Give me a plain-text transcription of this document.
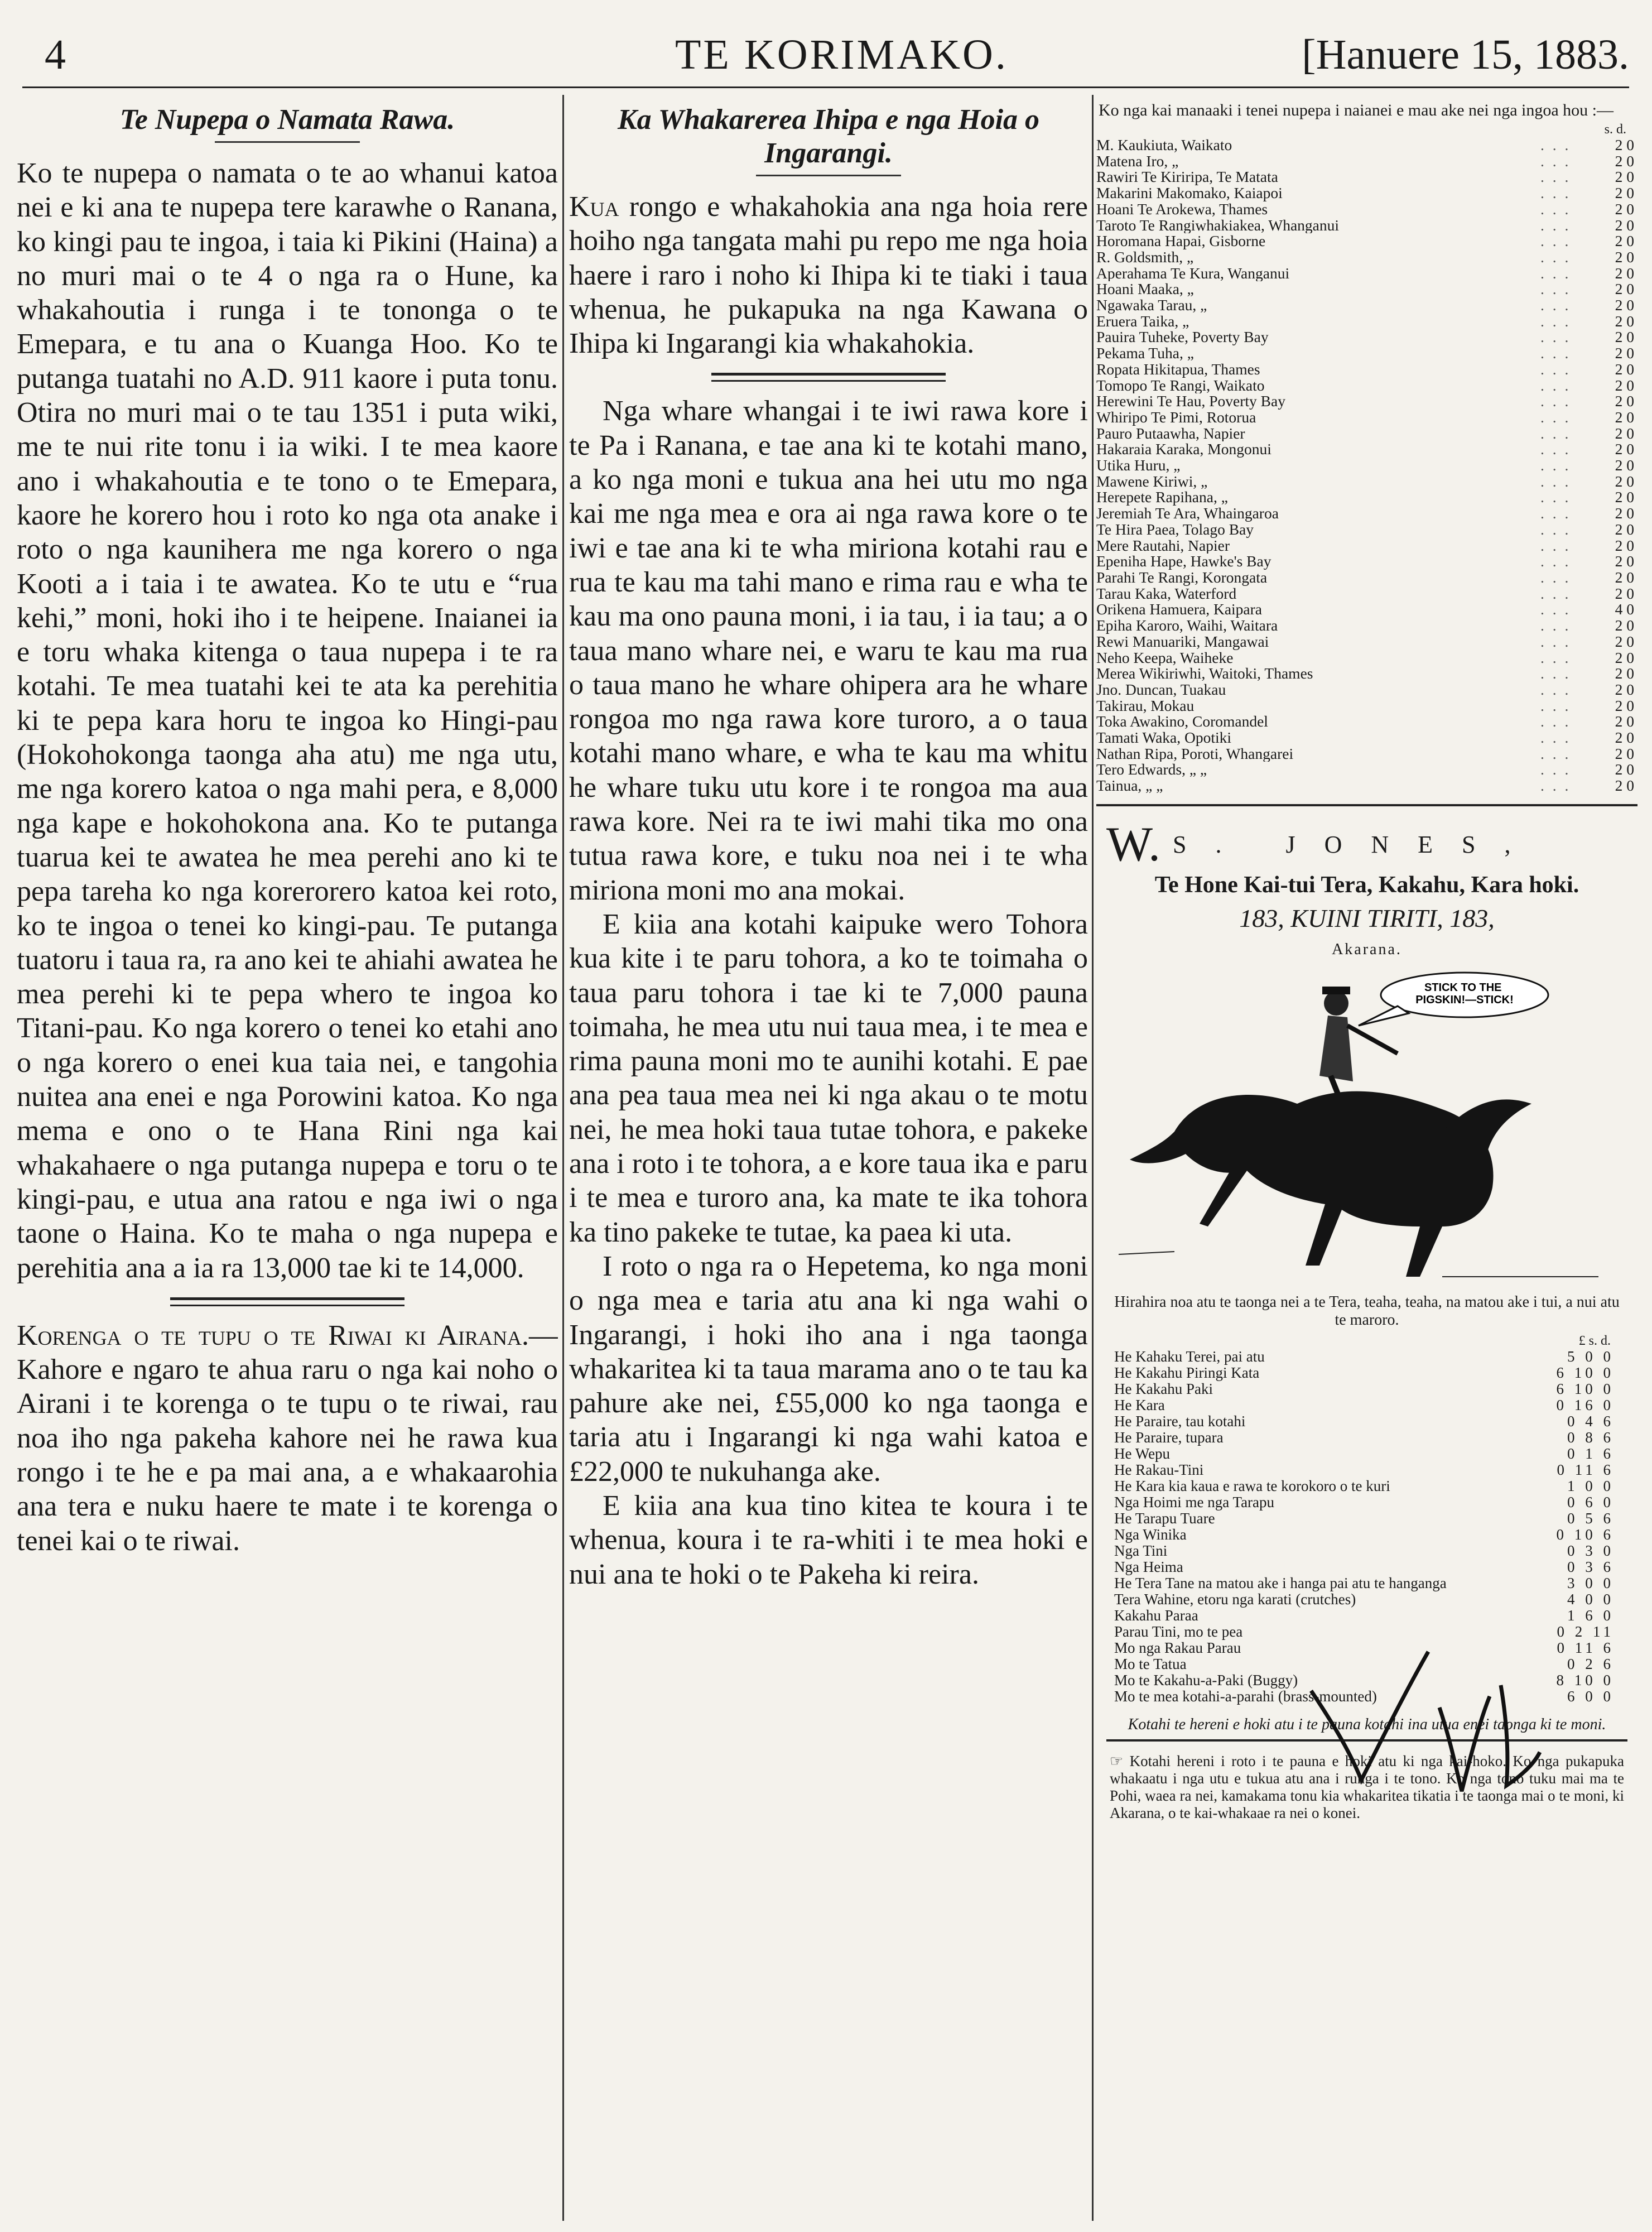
4	TE KORIMAKO.	[Hanuere 15, 1883.
Te Nupepa o Namata Rawa.

Ko te nupepa o namata o te ao whanui katoa nei e ki ana te nupepa tere karawhe o Ranana, ko kingi pau te ingoa, i taia ki Pikini (Haina) a no muri mai o te 4 o nga ra o Hune, ka whakahoutia i runga i te tononga o te Emepara, e tu ana o Kuanga Hoo. Ko te putanga tuatahi no A.D. 911 kaore i puta tonu. Otira no muri mai o te tau 1351 i puta wiki, me te nui rite tonu i ia wiki. I te mea kaore ano i whakahoutia e te tono o te Emepara, kaore he korero hou i roto ko nga ota anake i roto o nga kaunihera me nga korero o nga Kooti a i taia i te awatea. Ko te utu e “rua kehi,” moni, hoki iho i te heipene. Inaianei ia e toru whaka kitenga o taua nupepa i te ra kotahi. Te mea tuatahi kei te ata ka perehitia ki te pepa kara horu te ingoa ko Hingi-pau (Hokohokonga taonga aha atu) me nga utu, me nga korero katoa o nga mahi pera, e 8,000 nga kape e hokohokona ana. Ko te putanga tuarua kei te awatea he mea perehi ano ki te pepa tareha ko nga korerorero katoa kei roto, ko te ingoa o tenei ko kingi-pau. Te putanga tuatoru i taua ra, ra ano kei te ahiahi awatea he mea perehi ki te pepa whero te ingoa ko Titani-pau. Ko nga korero o tenei ko etahi ano o nga korero o enei kua taia nei, e tangohia nuitea ana enei e nga Porowini katoa. Ko nga mema e ono o te Hana Rini nga kai whakahaere o nga putanga nupepa e toru o te kingi-pau, e utua ana ratou e nga iwi o nga taone o Haina. Ko te maha o nga nupepa e perehitia ana a ia ra 13,000 tae ki te 14,000.

Korenga o te tupu o te Riwai ki Airana.—Kahore e ngaro te ahua raru o nga kai noho o Airani i te korenga o te tupu o te riwai, rau noa iho nga pakeha kahore nei he rawa kua rongo i te he e pa mai ana, a e whakaarohia ana tera e nuku haere te mate i te korenga o tenei kai o te riwai.

Ka Whakarerea Ihipa e nga Hoia o Ingarangi.

Kua rongo e whakahokia ana nga hoia rere hoiho nga tangata mahi pu repo me nga hoia haere i raro i noho ki Ihipa ki te tiaki i taua whenua, he pukapuka na nga Kawana o Ihipa ki Ingarangi kia whakahokia.

Nga whare whangai i te iwi rawa kore i te Pa i Ranana, e tae ana ki te kotahi mano, a ko nga moni e tukua ana hei utu mo nga kai me nga mea e ora ai nga rawa kore o te iwi e tae ana ki te wha miriona kotahi rau e rua te kau ma tahi mano e rima rau e wha te kau ma ono pauna moni, i ia tau, i ia tau; a o taua mano whare nei, e waru te kau ma rua o taua mano he whare ohipera ara he whare rongoa mo nga rawa kore turoro, a o taua kotahi mano whare, e wha te kau ma whitu he whare tuku utu kore i te rongoa ma aua rawa kore. Nei ra te iwi mahi tika mo ona tutua rawa kore, e tuku noa nei i te wha miriona moni mo ana mokai.

E kiia ana kotahi kaipuke wero Tohora kua kite i te paru tohora, a ko te toimaha o taua paru tohora i tae ki te 7,000 pauna toimaha, he mea utu nui taua mea, i te mea e rima pauna moni mo te aunihi kotahi. E pae ana pea taua mea nei ki nga akau o te motu nei, he mea hoki taua tutae tohora, e pakeke ana i roto i te tohora, a e kore taua ika e paru i te mea e turoro ana, ka mate te ika tohora ka tino pakeke te tutae, ka paea ki uta.

I roto o nga ra o Hepetema, ko nga moni o nga mea e taria atu ana ki nga wahi o Ingarangi, i hoki iho ana i nga taonga whakaritea ki ta taua marama ano o te tau ka pahure ake nei, £55,000 ko nga taonga e taria atu i Ingarangi ki nga wahi katoa e £22,000 te nukuhanga ake.

E kiia ana kua tino kitea te koura i te whenua, koura i te ra-whiti i te mea hoki e nui ana te hoki o te Pakeha ki reira.

Ko nga kai manaaki i tenei nupepa i naianei e mau ake nei nga ingoa hou :—
s. d.
M. Kaukiuta, Waikato	. . .	2 0
Matena Iro, „	. . .	2 0
Rawiri Te Kiriripa, Te Matata	. . .	2 0
Makarini Makomako, Kaiapoi	. . .	2 0
Hoani Te Arokewa, Thames	. . .	2 0
Taroto Te Rangiwhakiakea, Whanganui	. . .	2 0
Horomana Hapai, Gisborne	. . .	2 0
R. Goldsmith, „	. . .	2 0
Aperahama Te Kura, Wanganui	. . .	2 0
Hoani Maaka, „	. . .	2 0
Ngawaka Tarau, „	. . .	2 0
Eruera Taika, „	. . .	2 0
Pauira Tuheke, Poverty Bay	. . .	2 0
Pekama Tuha, „	. . .	2 0
Ropata Hikitapua, Thames	. . .	2 0
Tomopo Te Rangi, Waikato	. . .	2 0
Herewini Te Hau, Poverty Bay	. . .	2 0
Whiripo Te Pimi, Rotorua	. . .	2 0
Pauro Putaawha, Napier	. . .	2 0
Hakaraia Karaka, Mongonui	. . .	2 0
Utika Huru, „	. . .	2 0
Mawene Kiriwi, „	. . .	2 0
Herepete Rapihana, „	. . .	2 0
Jeremiah Te Ara, Whaingaroa	. . .	2 0
Te Hira Paea, Tolago Bay	. . .	2 0
Mere Rautahi, Napier	. . .	2 0
Epeniha Hape, Hawke's Bay	. . .	2 0
Parahi Te Rangi, Korongata	. . .	2 0
Tarau Kaka, Waterford	. . .	2 0
Orikena Hamuera, Kaipara	. . .	4 0
Epiha Karoro, Waihi, Waitara	. . .	2 0
Rewi Manuariki, Mangawai	. . .	2 0
Neho Keepa, Waiheke	. . .	2 0
Merea Wikiriwhi, Waitoki, Thames	. . .	2 0
Jno. Duncan, Tuakau	. . .	2 0
Takirau, Mokau	. . .	2 0
Toka Awakino, Coromandel	. . .	2 0
Tamati Waka, Opotiki	. . .	2 0
Nathan Ripa, Poroti, Whangarei	. . .	2 0
Tero Edwards, „ „	. . .	2 0
Tainua, „ „	. . .	2 0
W. $^{S. JONES,}$
Te Hone Kai-tui Tera, Kakahu, Kara hoki.
183, KUINI TIRITI, 183,
Akarana.
STICK TO THE PIGSKIN!—STICK!
Hirahira noa atu te taonga nei a te Tera, teaha, teaha, na matou ake i tui, a nui atu te maroro.
£ s. d.
He Kahaku Terei, pai atu	5 0 0
He Kakahu Piringi Kata	6 10 0
He Kakahu Paki	6 10 0
He Kara	0 16 0
He Paraire, tau kotahi	0 4 6
He Paraire, tupara	0 8 6
He Wepu	0 1 6
He Rakau-Tini	0 11 6
He Kara kia kaua e rawa te korokoro o te kuri	1 0 0
Nga Hoimi me nga Tarapu	0 6 0
He Tarapu Tuare	0 5 6
Nga Winika	0 10 6
Nga Tini	0 3 0
Nga Heima	0 3 6
He Tera Tane na matou ake i hanga pai atu te hanganga	3 0 0
Tera Wahine, etoru nga karati (crutches)	4 0 0
Kakahu Paraa	1 6 0
Parau Tini, mo te pea	0 2 11
Mo nga Rakau Parau	0 11 6
Mo te Tatua	0 2 6
Mo te Kakahu-a-Paki (Buggy)	8 10 0
Mo te mea kotahi-a-parahi (brass-mounted)	6 0 0
Kotahi te hereni e hoki atu i te pauna kotahi ina utua enei taonga ki te moni.
☞ Kotahi hereni i roto i te pauna e hoki atu ki nga kai-hoko. Ko nga pukapuka whakaatu i nga utu e tukua atu ana i runga i te tono. Ko nga tono tuku mai ma te Pohi, waea ra nei, kamakama tonu kia whakaritea tikatia i te taonga mai o te moni, ki Akarana, o te kai-whakaae ra nei o konei.
